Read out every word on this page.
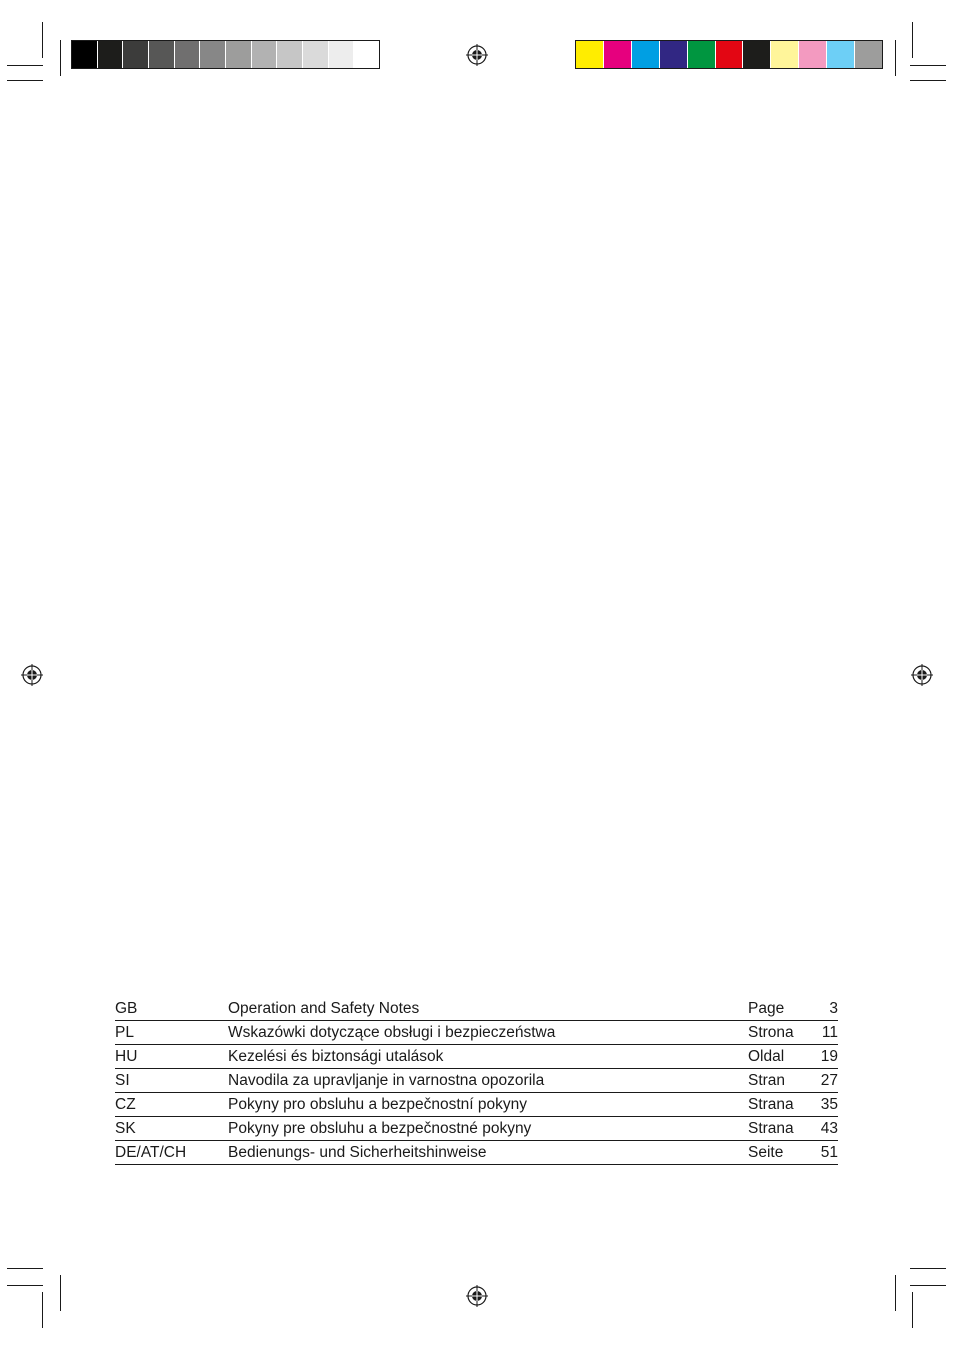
GB	Operation and Safety Notes	Page	3
PL	Wskazówki dotyczące obsługi i bezpieczeństwa	Strona 11
HU	Kezelési és biztonsági utalások	Oldal 19
SI	Navodila za upravljanje in varnostna opozorila	Stran 27
CZ	Pokyny pro obsluhu a bezpečnostní pokyny	Strana 35
SK	Pokyny pre obsluhu a bezpečnostné pokyny	Strana 43
DE/AT/CH	Bedienungs- und Sicherheitshinweise	Seite 51
